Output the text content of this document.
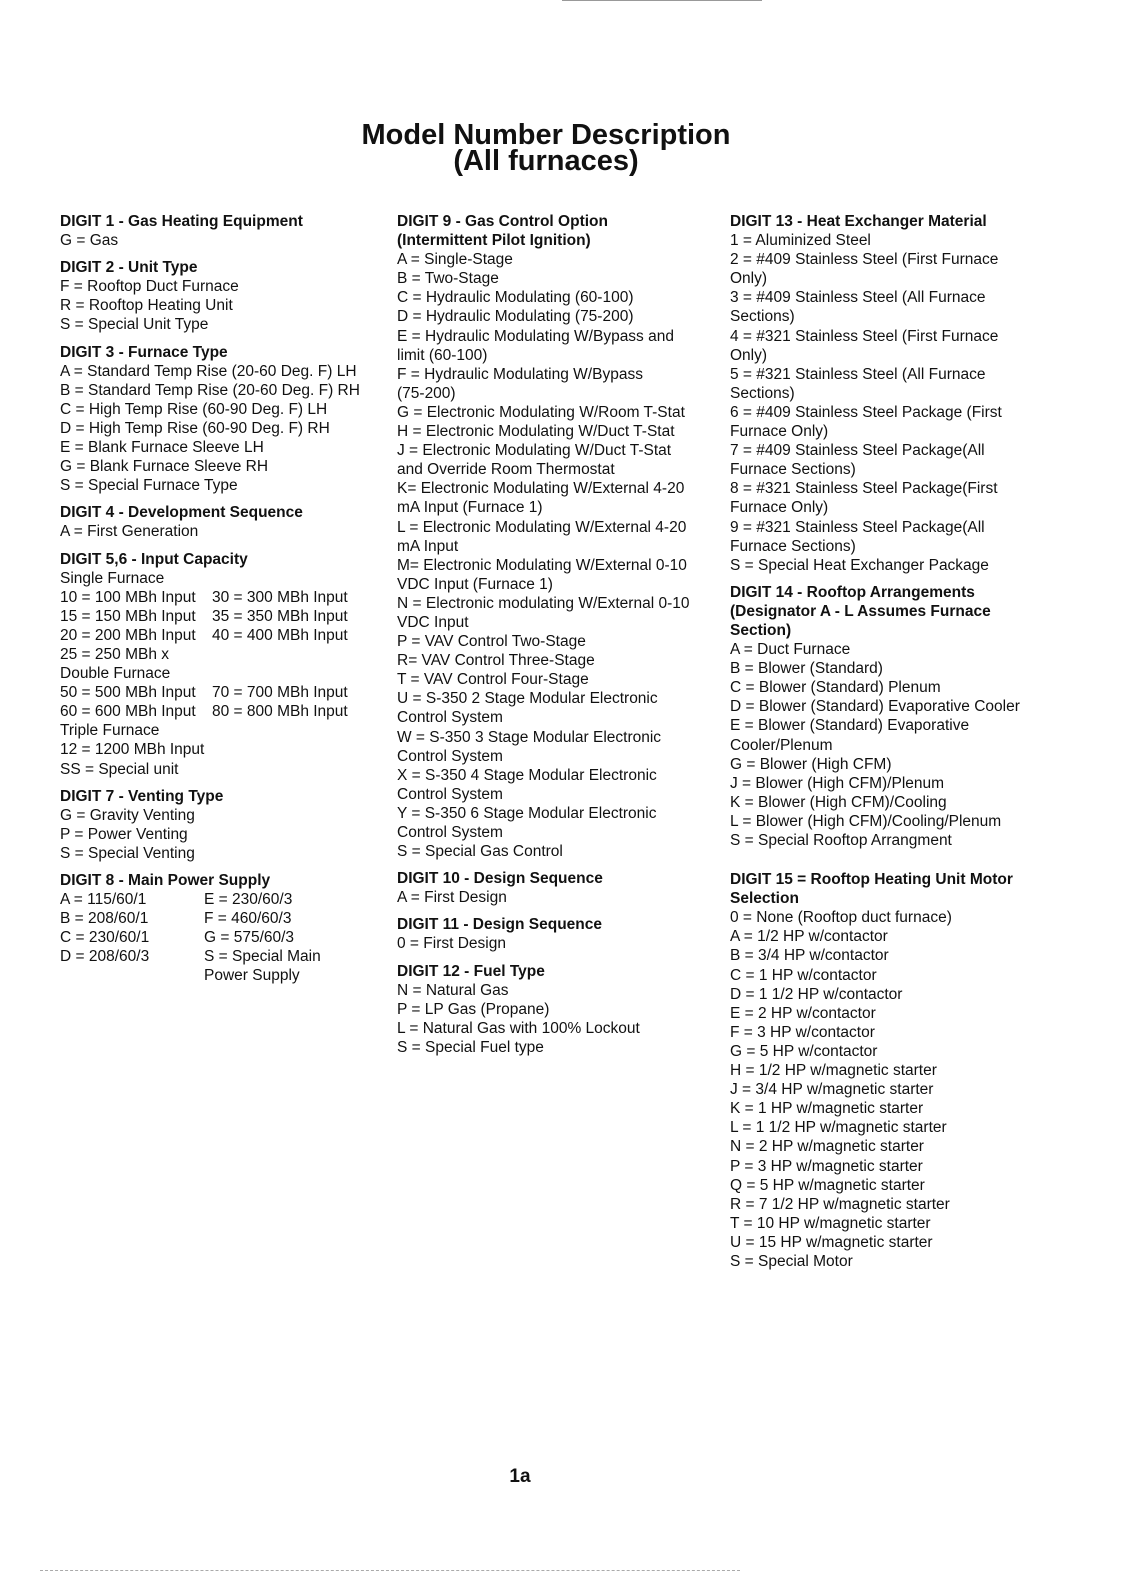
Model Number Description
(All furnaces)
DIGIT 1 - Gas Heating Equipment
G = Gas
DIGIT 2 - Unit Type
F = Rooftop Duct Furnace
R = Rooftop Heating Unit
S = Special Unit Type
DIGIT 3 - Furnace Type
A = Standard Temp Rise (20-60 Deg. F) LH
B = Standard Temp Rise (20-60 Deg. F) RH
C = High Temp Rise (60-90 Deg. F) LH
D = High Temp Rise (60-90 Deg. F) RH
E = Blank Furnace Sleeve LH
G = Blank Furnace Sleeve RH
S = Special Furnace Type
DIGIT 4 - Development Sequence
A = First Generation
DIGIT 5,6 - Input Capacity
Single Furnace
10 = 100 MBh Input	30 = 300 MBh Input
15 = 150 MBh Input	35 = 350 MBh Input
20 = 200 MBh Input	40 = 400 MBh Input
25 = 250 MBh x
Double Furnace
50 = 500 MBh Input	70 = 700 MBh Input
60 = 600 MBh Input	80 = 800 MBh Input
Triple Furnace
12 = 1200 MBh Input
SS = Special unit
DIGIT 7 - Venting Type
G = Gravity Venting
P = Power Venting
S = Special Venting
DIGIT 8 - Main Power Supply
A = 115/60/1	E = 230/60/3
B = 208/60/1	F = 460/60/3
C = 230/60/1	G = 575/60/3
D = 208/60/3	S = Special Main
Power Supply
DIGIT 9 - Gas Control Option
(Intermittent Pilot Ignition)
A = Single-Stage
B = Two-Stage
C = Hydraulic Modulating (60-100)
D = Hydraulic Modulating (75-200)
E = Hydraulic Modulating W/Bypass and
limit (60-100)
F = Hydraulic Modulating W/Bypass
(75-200)
G = Electronic Modulating W/Room T-Stat
H = Electronic Modulating W/Duct T-Stat
J = Electronic Modulating W/Duct T-Stat
and Override Room Thermostat
K= Electronic Modulating W/External 4-20
mA Input (Furnace 1)
L = Electronic Modulating W/External 4-20
mA Input
M= Electronic Modulating W/External 0-10
VDC Input (Furnace 1)
N = Electronic modulating W/External 0-10
VDC Input
P = VAV Control Two-Stage
R= VAV Control Three-Stage
T = VAV Control Four-Stage
U = S-350 2 Stage Modular Electronic
Control System
W = S-350 3 Stage Modular Electronic
Control System
X = S-350 4 Stage Modular Electronic
Control System
Y = S-350 6 Stage Modular Electronic
Control System
S = Special Gas Control
DIGIT 10 - Design Sequence
A = First Design
DIGIT 11 - Design Sequence
0 = First Design
DIGIT 12 - Fuel Type
N = Natural Gas
P = LP Gas (Propane)
L = Natural Gas with 100% Lockout
S = Special Fuel type
DIGIT 13 - Heat Exchanger Material
1 = Aluminized Steel
2 = #409 Stainless Steel (First Furnace
Only)
3 = #409 Stainless Steel (All Furnace
Sections)
4 = #321 Stainless Steel (First Furnace
Only)
5 = #321 Stainless Steel (All Furnace
Sections)
6 = #409 Stainless Steel Package (First
Furnace Only)
7 = #409 Stainless Steel Package(All
Furnace Sections)
8 = #321 Stainless Steel Package(First
Furnace Only)
9 = #321 Stainless Steel Package(All
Furnace Sections)
S = Special Heat Exchanger Package
DIGIT 14 - Rooftop Arrangements
(Designator A - L Assumes Furnace
Section)
A = Duct Furnace
B = Blower (Standard)
C = Blower (Standard) Plenum
D = Blower (Standard) Evaporative Cooler
E = Blower (Standard) Evaporative
Cooler/Plenum
G = Blower (High CFM)
J = Blower (High CFM)/Plenum
K = Blower (High CFM)/Cooling
L = Blower (High CFM)/Cooling/Plenum
S = Special Rooftop Arrangment
DIGIT 15 = Rooftop Heating Unit Motor
Selection
0 = None (Rooftop duct furnace)
A = 1/2 HP w/contactor
B = 3/4 HP w/contactor
C = 1 HP w/contactor
D = 1 1/2 HP w/contactor
E = 2 HP w/contactor
F = 3 HP w/contactor
G = 5 HP w/contactor
H = 1/2 HP w/magnetic starter
J = 3/4 HP w/magnetic starter
K = 1 HP w/magnetic starter
L = 1 1/2 HP w/magnetic starter
N = 2 HP w/magnetic starter
P = 3 HP w/magnetic starter
Q = 5 HP w/magnetic starter
R = 7 1/2 HP w/magnetic starter
T = 10 HP w/magnetic starter
U = 15 HP w/magnetic starter
S = Special Motor
1a
